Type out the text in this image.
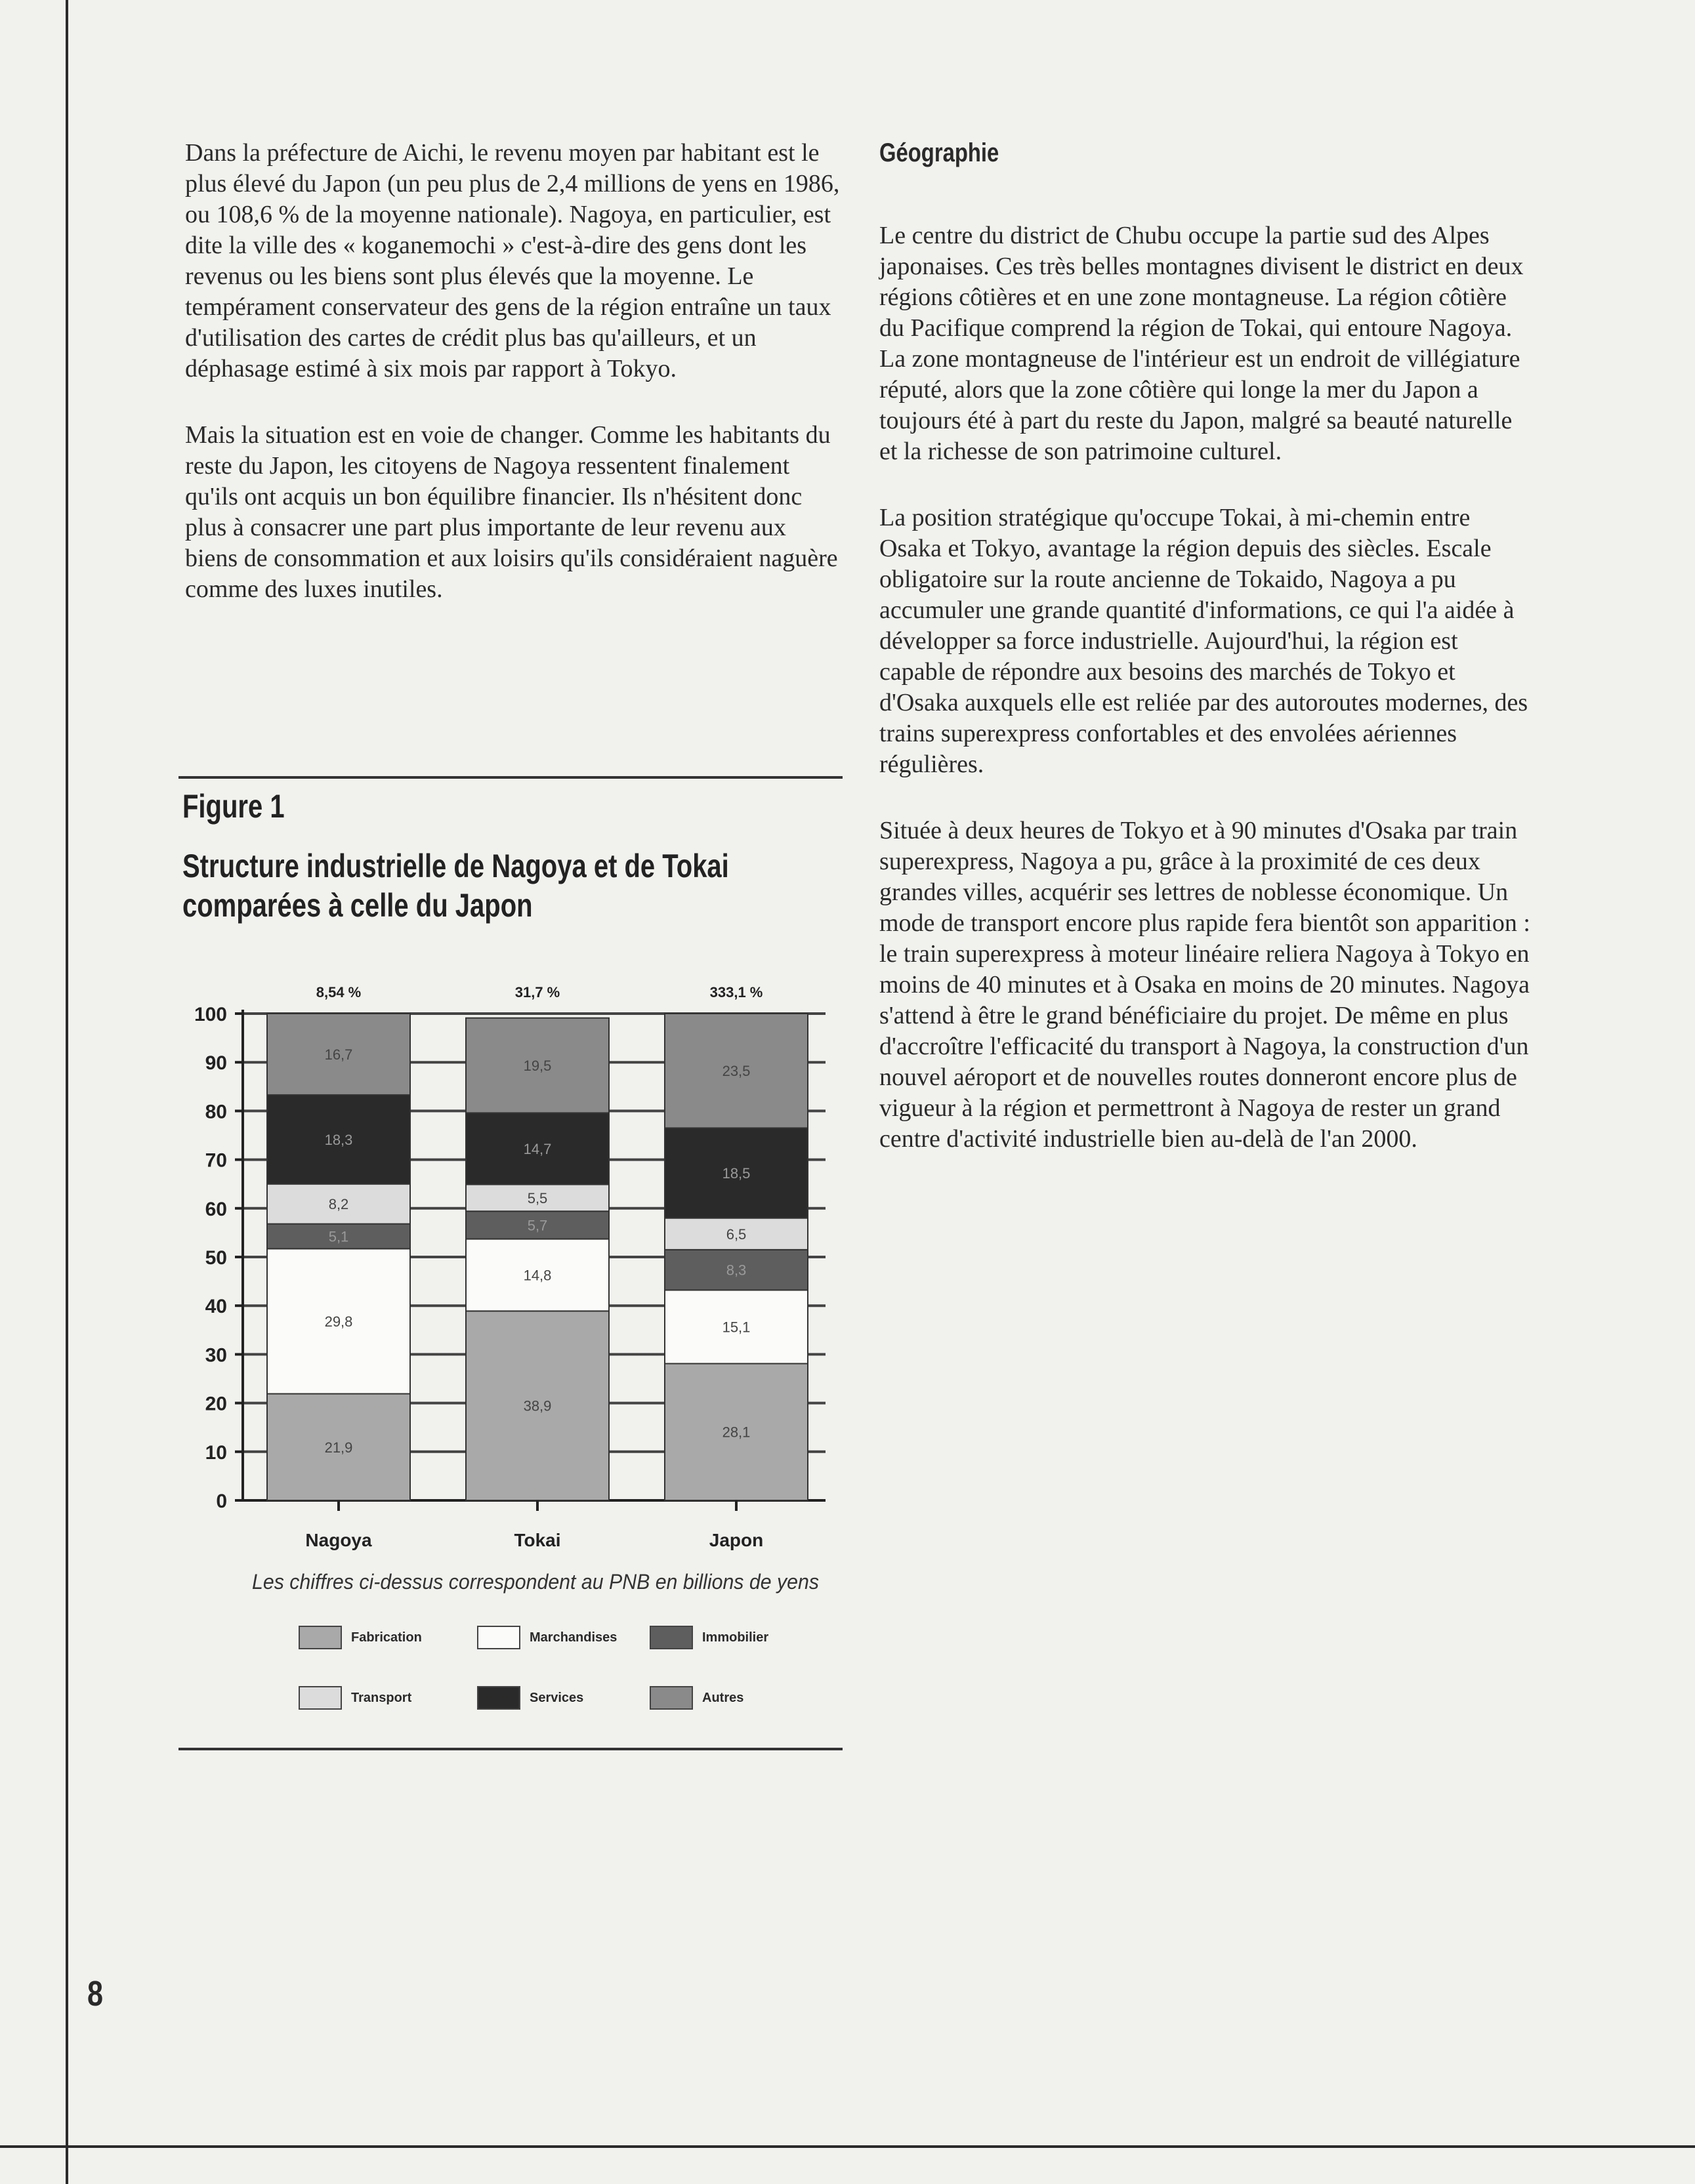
Dans la préfecture de Aichi, le revenu moyen par habitant est le plus élevé du Japon (un peu plus de 2,4 millions de yens en 1986, ou 108,6 % de la moyenne nationale). Nagoya, en particulier, est dite la ville des « koganemochi » c'est-à-dire des gens dont les revenus ou les biens sont plus élevés que la moyenne. Le tempérament conservateur des gens de la région entraîne un taux d'utilisation des cartes de crédit plus bas qu'ailleurs, et un déphasage estimé à six mois par rapport à Tokyo.

Mais la situation est en voie de changer. Comme les habitants du reste du Japon, les citoyens de Nagoya ressentent finalement qu'ils ont acquis un bon équilibre financier. Ils n'hésitent donc plus à consacrer une part plus importante de leur revenu aux biens de consommation et aux loisirs qu'ils considéraient naguère comme des luxes inutiles.

Géographie

Le centre du district de Chubu occupe la partie sud des Alpes japonaises. Ces très belles montagnes divisent le district en deux régions côtières et en une zone montagneuse. La région côtière du Pacifique comprend la région de Tokai, qui entoure Nagoya. La zone montagneuse de l'intérieur est un endroit de villégiature réputé, alors que la zone côtière qui longe la mer du Japon a toujours été à part du reste du Japon, malgré sa beauté naturelle et la richesse de son patrimoine culturel.

La position stratégique qu'occupe Tokai, à mi-chemin entre Osaka et Tokyo, avantage la région depuis des siècles. Escale obligatoire sur la route ancienne de Tokaido, Nagoya a pu accumuler une grande quantité d'informations, ce qui l'a aidée à développer sa force industrielle. Aujourd'hui, la région est capable de répondre aux besoins des marchés de Tokyo et d'Osaka auxquels elle est reliée par des autoroutes modernes, des trains superexpress confortables et des envolées aériennes régulières.

Située à deux heures de Tokyo et à 90 minutes d'Osaka par train superexpress, Nagoya a pu, grâce à la proximité de ces deux grandes villes, acquérir ses lettres de noblesse économique. Un mode de transport encore plus rapide fera bientôt son apparition : le train superexpress à moteur linéaire reliera Nagoya à Tokyo en moins de 40 minutes et à Osaka en moins de 20 minutes. Nagoya s'attend à être le grand bénéficiaire du projet. De même en plus d'accroître l'efficacité du transport à Nagoya, la construction d'un nouvel aéroport et de nouvelles routes donneront encore plus de vigueur à la région et permettront à Nagoya de rester un grand centre d'activité industrielle bien au-delà de l'an 2000.

Figure 1
Structure industrielle de Nagoya et de Tokai comparées à celle du Japon
0
10
20
30
40
50
60
70
80
90
100
21,9
29,8
5,1
8,2
18,3
16,7
8,54 %
Nagoya
38,9
14,8
5,7
5,5
14,7
19,5
31,7 %
Tokai
28,1
15,1
8,3
6,5
18,5
23,5
333,1 %
Japon
Les chiffres ci-dessus correspondent au PNB en billions de yens
Fabrication	Marchandises	Immobilier
Transport	Services	Autres
8
